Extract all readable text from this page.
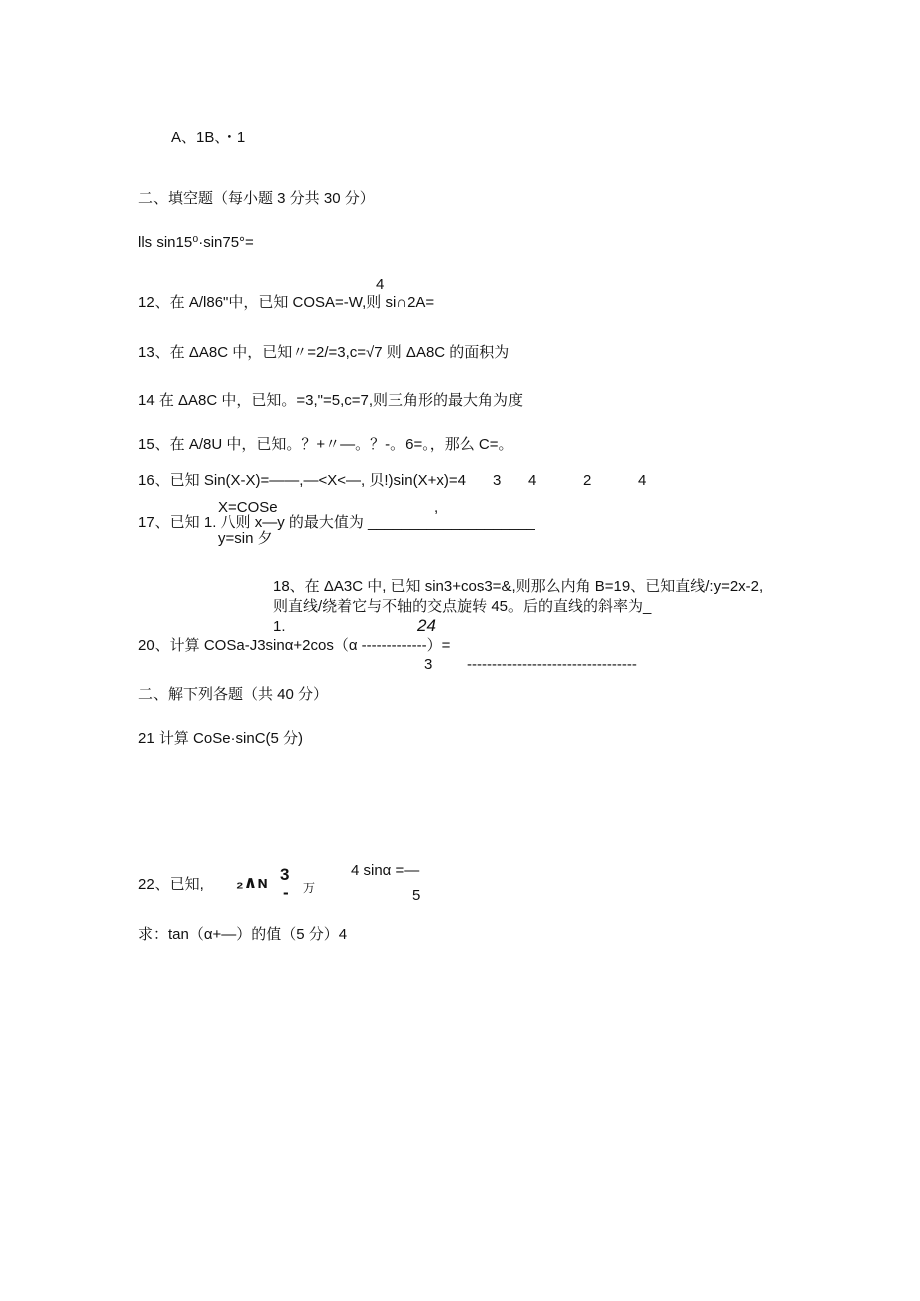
A、1B、・1
二、填空题（每小题 3 分共 30 分）
lls sin15⁰·sin75°=
4
12、在 A/l86"中，已知 COSA=-W,则 si∩2A=
13、在 ΔA8C 中，已知〃=2/=3,c=√7 则 ΔA8C 的面积为
14 在 ΔA8C 中，已知。=3,"=5,c=7,则三角形的最大角为度
15、在 A/8U 中，已知。？+〃—。？-。6=。，那么 C=。
16、已知 Sin(X-X)=——,—<X<—, 贝!)sin(X+x)=4 3 4	2	4
X=COSe	,
17、已知 1. 八则 x—y 的最大值为 ____________________
y=sin 夕
18、在 ΔA3C 中, 已知 sin3+cos3=&,则那么内角 B=19、已知直线/:y=2x-2,
则直线/绕着它与不轴的交点旋转 45。后的直线的斜率为_
1.	24
20、计算 COSa-J3sinα+2cos（α -------------）=
3 ----------------------------------
二、解下列各题（共 40 分）
21 计算 CoSe·sinC(5 分)
22、已知, ₂∧ɴ 3
- 万
4 sinα =—
5
求：tan（α+—）的值（5 分）4
